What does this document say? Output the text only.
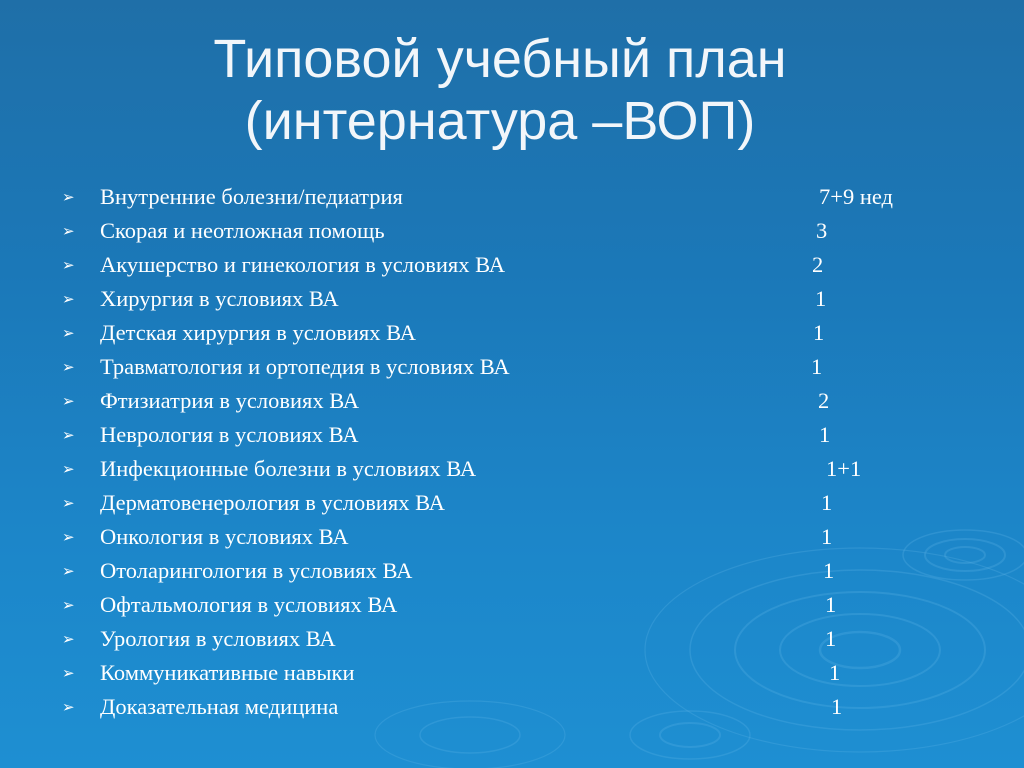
Типовой учебный план
(интернатура –ВОП)
➢	Внутренние болезни/педиатрия	7+9 нед
➢	Скорая и неотложная помощь	3
➢	Акушерство и гинекология в условиях ВА	2
➢	Хирургия в условиях ВА	1
➢	Детская хирургия в условиях ВА	1
➢	Травматология и ортопедия в условиях ВА	1
➢	Фтизиатрия в условиях ВА	2
➢	Неврология в условиях ВА	1
➢	Инфекционные болезни в условиях ВА	1+1
➢	Дерматовенерология в условиях ВА	1
➢	Онкология в условиях ВА	1
➢	Отоларингология в условиях ВА	1
➢	Офтальмология в условиях ВА	1
➢	Урология в условиях ВА	1
➢	Коммуникативные навыки	1
➢	Доказательная медицина	1
